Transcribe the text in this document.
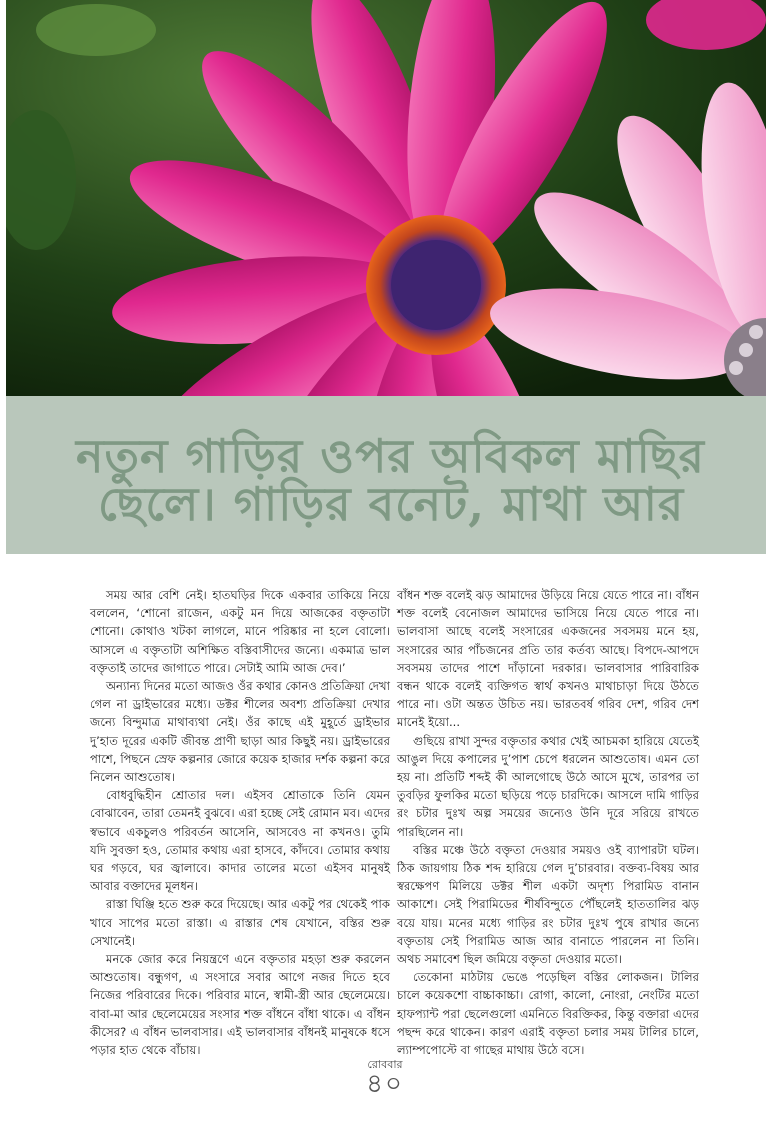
নতুন গাড়ির ওপর অবিকল মাছির
ছেলে। গাড়ির বনেট, মাথা আর

সময় আর বেশি নেই। হাতঘড়ির দিকে একবার তাকিয়ে নিয়ে বললেন, ‘শোনো রাজেন, একটু মন দিয়ে আজকের বক্তৃতাটা শোনো। কোথাও খটকা লাগলে, মানে পরিষ্কার না হলে বোলো। আসলে এ বক্তৃতাটা অশিক্ষিত বস্তিবাসীদের জন্যে। একমাত্র ভাল বক্তৃতাই তাদের জাগাতে পারে। সেটাই আমি আজ দেব।’

অন্যান্য দিনের মতো আজও ওঁর কথার কোনও প্রতিক্রিয়া দেখা গেল না ড্রাইভারের মধ্যে। ডক্টর শীলের অবশ্য প্রতিক্রিয়া দেখার জন্যে বিন্দুমাত্র মাথাব্যথা নেই। ওঁর কাছে এই মুহূর্তে ড্রাইভার দু’হাত দূরের একটি জীবন্ত প্রাণী ছাড়া আর কিছুই নয়। ড্রাইভারের পাশে, পিছনে স্রেফ কল্পনার জোরে কয়েক হাজার দর্শক কল্পনা করে নিলেন আশুতোষ।

বোধবুদ্ধিহীন শ্রোতার দল। এইসব শ্রোতাকে তিনি যেমন বোঝাবেন, তারা তেমনই বুঝবে। এরা হচ্ছে সেই রোমান মব। এদের স্বভাবে একচুলও পরিবর্তন আসেনি, আসবেও না কখনও। তুমি যদি সুবক্তা হও, তোমার কথায় এরা হাসবে, কাঁদবে। তোমার কথায় ঘর গড়বে, ঘর জ্বালাবে। কাদার তালের মতো এইসব মানুষই আবার বক্তাদের মূলধন।

রাস্তা ঘিঞ্জি হতে শুরু করে দিয়েছে। আর একটু পর থেকেই পাক খাবে সাপের মতো রাস্তা। এ রাস্তার শেষ যেখানে, বস্তির শুরু সেখানেই।

মনকে জোর করে নিয়ন্ত্রণে এনে বক্তৃতার মহড়া শুরু করলেন আশুতোষ। বন্ধুগণ, এ সংসারে সবার আগে নজর দিতে হবে নিজের পরিবারের দিকে। পরিবার মানে, স্বামী-স্ত্রী আর ছেলেমেয়ে। বাবা-মা আর ছেলেমেয়ের সংসার শক্ত বাঁধনে বাঁধা থাকে। এ বাঁধন কীসের? এ বাঁধন ভালবাসার। এই ভালবাসার বাঁধনই মানুষকে ধসে পড়ার হাত থেকে বাঁচায়।

বাঁধন শক্ত বলেই ঝড় আমাদের উড়িয়ে নিয়ে যেতে পারে না। বাঁধন শক্ত বলেই বেনোজল আমাদের ভাসিয়ে নিয়ে যেতে পারে না। ভালবাসা আছে বলেই সংসারের একজনের সবসময় মনে হয়, সংসারের আর পাঁচজনের প্রতি তার কর্তব্য আছে। বিপদে-আপদে সবসময় তাদের পাশে দাঁড়ানো দরকার। ভালবাসার পারিবারিক বন্ধন থাকে বলেই ব্যক্তিগত স্বার্থ কখনও মাথাচাড়া দিয়ে উঠতে পারে না। ওটা অন্তত উচিত নয়। ভারতবর্ষ গরিব দেশ, গরিব দেশ মানেই ইয়ো...

গুছিয়ে রাখা সুন্দর বক্তৃতার কথার খেই আচমকা হারিয়ে যেতেই আঙুল দিয়ে কপালের দু’পাশ চেপে ধরলেন আশুতোষ। এমন তো হয় না। প্রতিটি শব্দই কী আলগোছে উঠে আসে মুখে, তারপর তা তুবড়ির ফুলকির মতো ছড়িয়ে পড়ে চারদিকে। আসলে দামি গাড়ির রং চটার দুঃখ অল্প সময়ের জন্যেও উনি দূরে সরিয়ে রাখতে পারছিলেন না।

বস্তির মঞ্চে উঠে বক্তৃতা দেওয়ার সময়ও ওই ব্যাপারটা ঘটল। ঠিক জায়গায় ঠিক শব্দ হারিয়ে গেল দু’চারবার। বক্তব্য-বিষয় আর স্বরক্ষেপণ মিলিয়ে ডক্টর শীল একটা অদৃশ্য পিরামিড বানান আকাশে। সেই পিরামিডের শীর্ষবিন্দুতে পৌঁছলেই হাততালির ঝড় বয়ে যায়। মনের মধ্যে গাড়ির রং চটার দুঃখ পুষে রাখার জন্যে বক্তৃতায় সেই পিরামিড আজ আর বানাতে পারলেন না তিনি। অথচ সমাবেশ ছিল জমিয়ে বক্তৃতা দেওয়ার মতো।

তেকোনা মাঠটায় ভেঙে পড়েছিল বস্তির লোকজন। টালির চালে কয়েকশো বাচ্চাকাচ্চা। রোগা, কালো, নোংরা, নেংটির মতো হাফপ্যান্ট পরা ছেলেগুলো এমনিতে বিরক্তিকর, কিন্তু বক্তারা এদের পছন্দ করে থাকেন। কারণ এরাই বক্তৃতা চলার সময় টালির চালে, ল্যাম্পপোস্টে বা গাছের মাথায় উঠে বসে।

রোববার
৪০
